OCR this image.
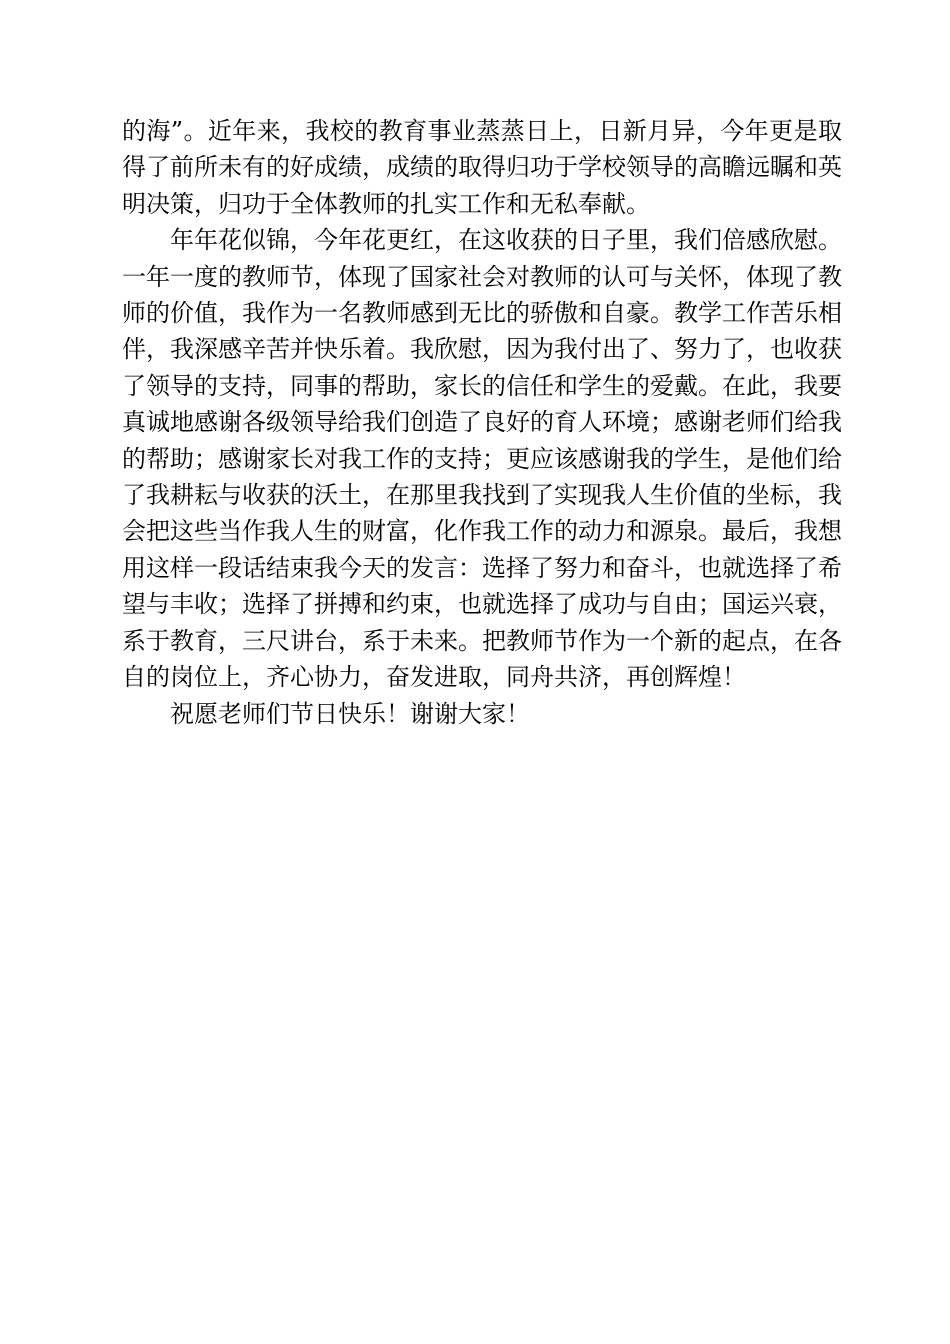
的海”。近年来，我校的教育事业蒸蒸日上，日新月异，今年更是取得了前所未有的好成绩，成绩的取得归功于学校领导的高瞻远瞩和英明决策，归功于全体教师的扎实工作和无私奉献。

年年花似锦，今年花更红，在这收获的日子里，我们倍感欣慰。一年一度的教师节，体现了国家社会对教师的认可与关怀，体现了教师的价值，我作为一名教师感到无比的骄傲和自豪。教学工作苦乐相伴，我深感辛苦并快乐着。我欣慰，因为我付出了、努力了，也收获了领导的支持，同事的帮助，家长的信任和学生的爱戴。在此，我要真诚地感谢各级领导给我们创造了良好的育人环境；感谢老师们给我的帮助；感谢家长对我工作的支持；更应该感谢我的学生，是他们给了我耕耘与收获的沃土，在那里我找到了实现我人生价值的坐标，我会把这些当作我人生的财富，化作我工作的动力和源泉。最后，我想用这样一段话结束我今天的发言：选择了努力和奋斗，也就选择了希望与丰收；选择了拼搏和约束，也就选择了成功与自由；国运兴衰，系于教育，三尺讲台，系于未来。把教师节作为一个新的起点，在各自的岗位上，齐心协力，奋发进取，同舟共济，再创辉煌！

祝愿老师们节日快乐！谢谢大家！
